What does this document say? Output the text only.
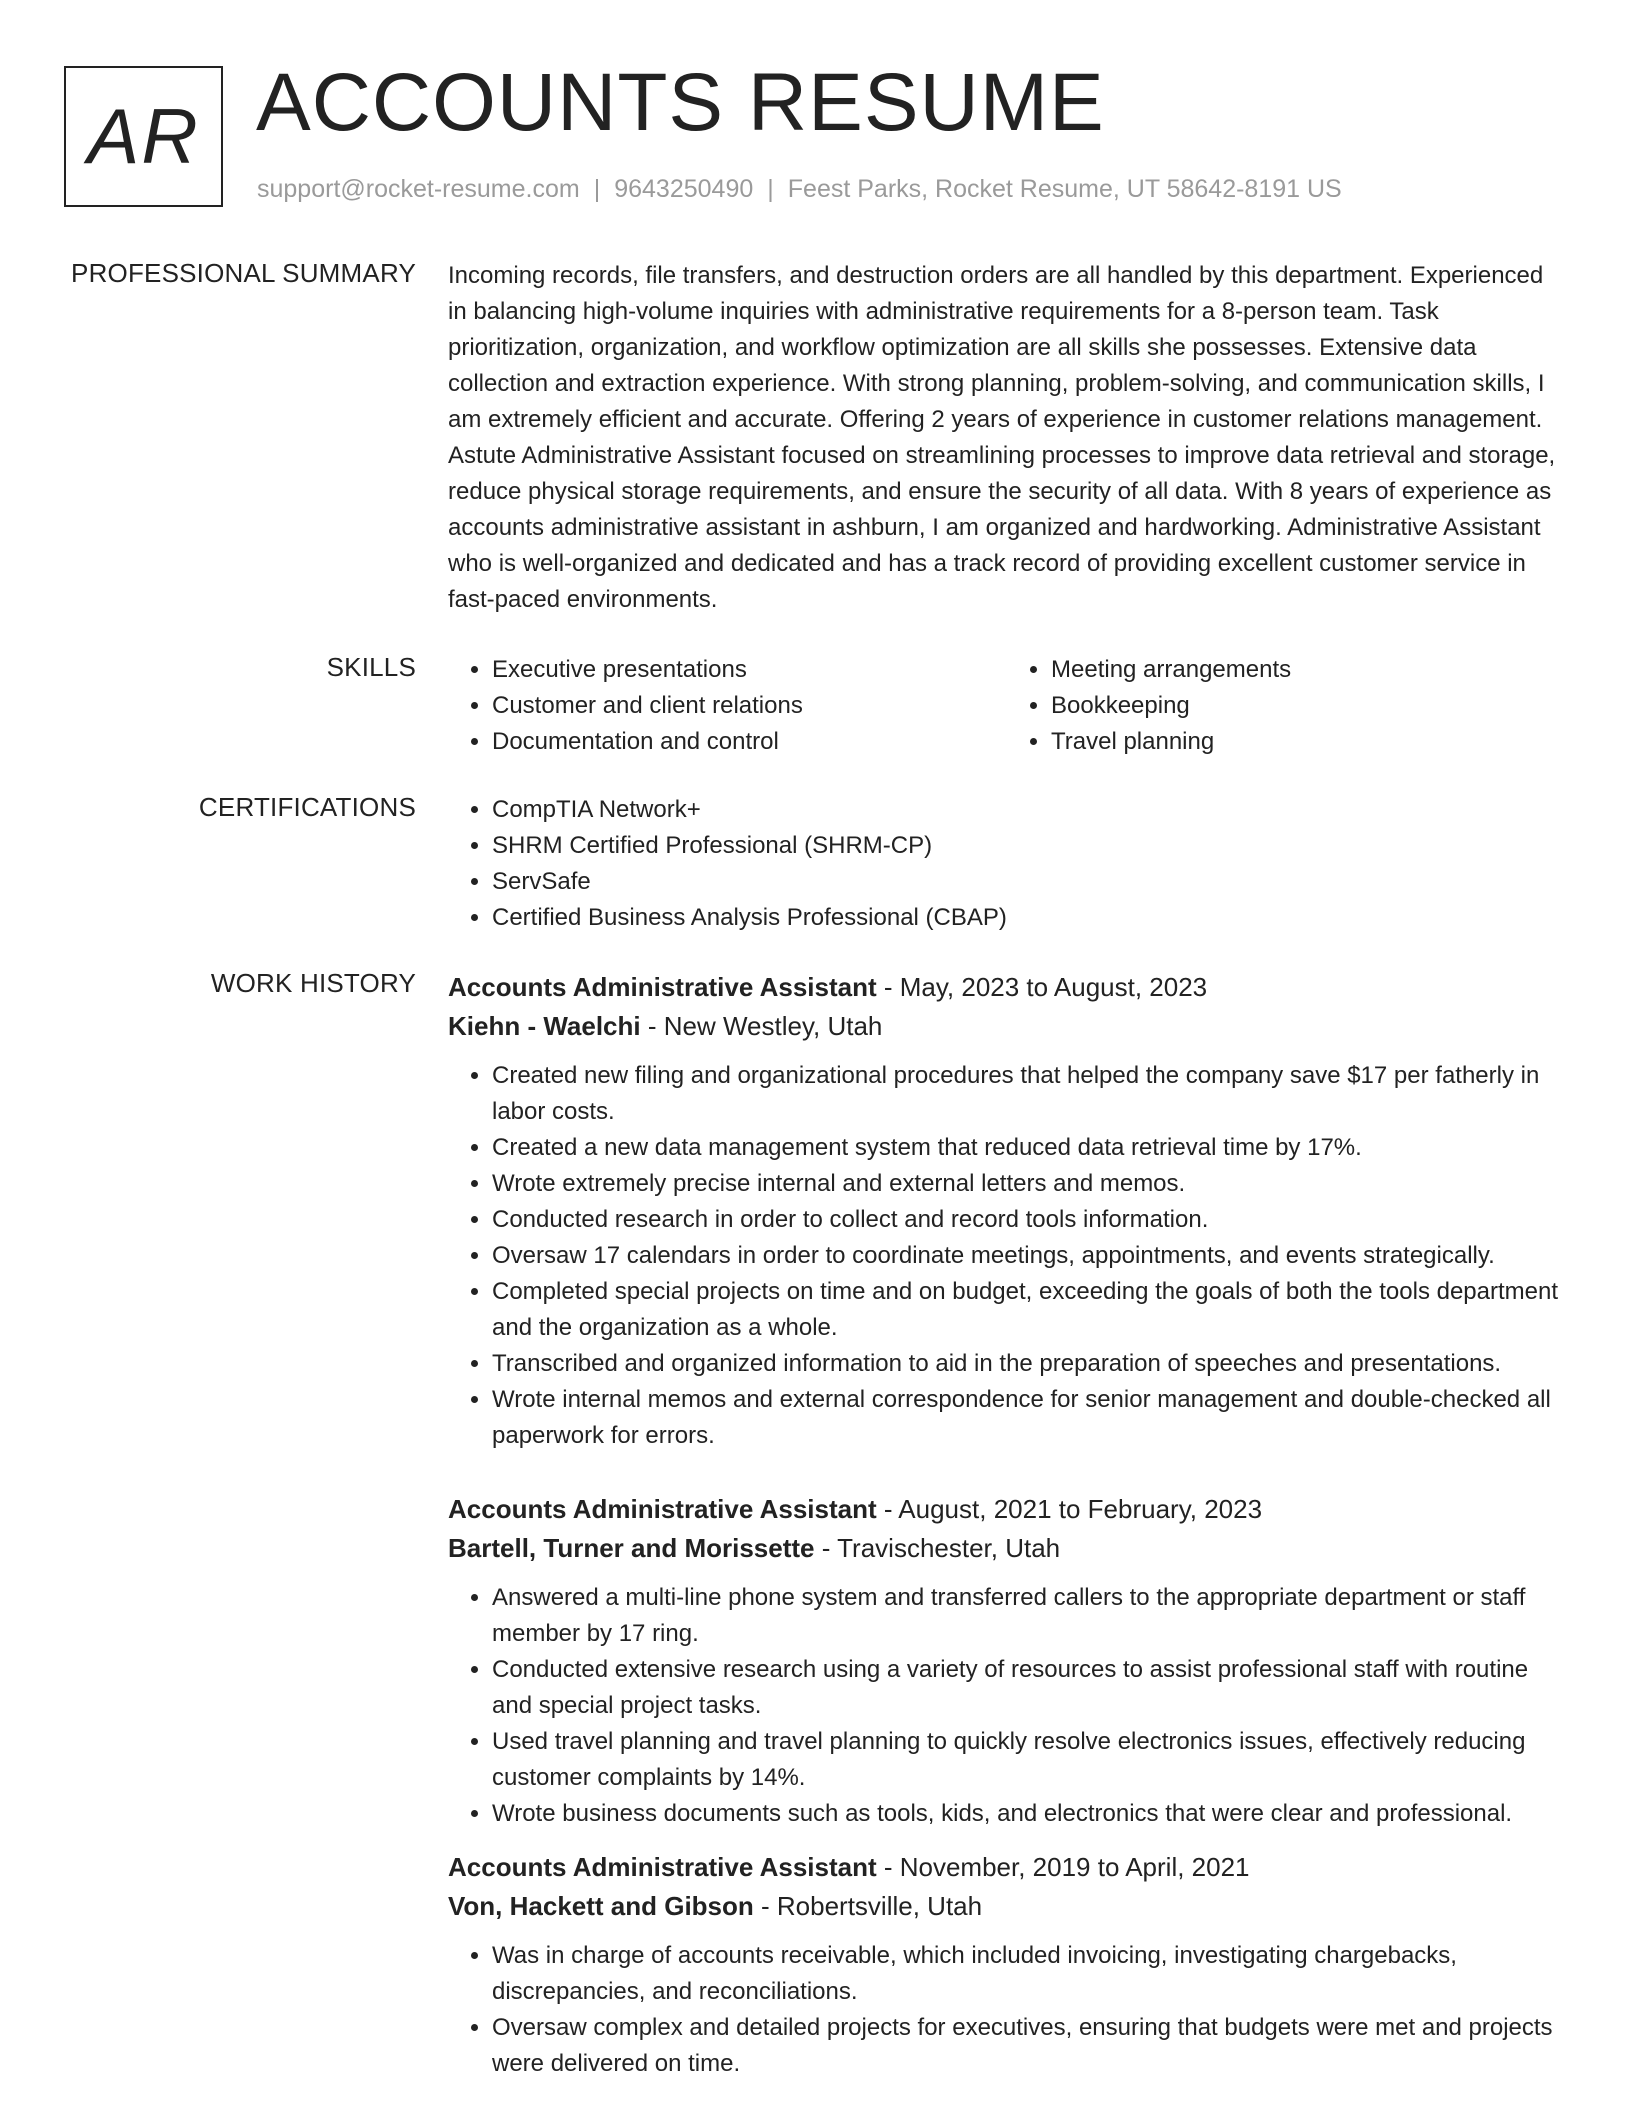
AR ACCOUNTS RESUME
support@rocket-resume.com | 9643250490 | Feest Parks, Rocket Resume, UT 58642-8191 US
PROFESSIONAL SUMMARY Incoming records, file transfers, and destruction orders are all handled by this department. Experienced in balancing high-volume inquiries with administrative requirements for a 8-person team. Task prioritization, organization, and workflow optimization are all skills she possesses. Extensive data collection and extraction experience. With strong planning, problem-solving, and communication skills, I am extremely efficient and accurate. Offering 2 years of experience in customer relations management. Astute Administrative Assistant focused on streamlining processes to improve data retrieval and storage, reduce physical storage requirements, and ensure the security of all data. With 8 years of experience as accounts administrative assistant in ashburn, I am organized and hardworking. Administrative Assistant who is well-organized and dedicated and has a track record of providing excellent customer service in fast-paced environments.
SKILLS	• Executive presentations
• Customer and client relations
• Documentation and control
• Meeting arrangements
• Bookkeeping
• Travel planning
CERTIFICATIONS	• CompTIA Network+
• SHRM Certified Professional (SHRM-CP)
• ServSafe
• Certified Business Analysis Professional (CBAP)
WORK HISTORY Accounts Administrative Assistant - May, 2023 to August, 2023
Kiehn - Waelchi - New Westley, Utah
• Created new filing and organizational procedures that helped the company save $17 per fatherly in labor costs.
• Created a new data management system that reduced data retrieval time by 17%.
• Wrote extremely precise internal and external letters and memos.
• Conducted research in order to collect and record tools information.
• Oversaw 17 calendars in order to coordinate meetings, appointments, and events strategically.
• Completed special projects on time and on budget, exceeding the goals of both the tools department and the organization as a whole.
• Transcribed and organized information to aid in the preparation of speeches and presentations.
• Wrote internal memos and external correspondence for senior management and double-checked all paperwork for errors.
Accounts Administrative Assistant - August, 2021 to February, 2023
Bartell, Turner and Morissette - Travischester, Utah
• Answered a multi-line phone system and transferred callers to the appropriate department or staff member by 17 ring.
• Conducted extensive research using a variety of resources to assist professional staff with routine and special project tasks.
• Used travel planning and travel planning to quickly resolve electronics issues, effectively reducing customer complaints by 14%.
• Wrote business documents such as tools, kids, and electronics that were clear and professional.
Accounts Administrative Assistant - November, 2019 to April, 2021
Von, Hackett and Gibson - Robertsville, Utah
• Was in charge of accounts receivable, which included invoicing, investigating chargebacks, discrepancies, and reconciliations.
• Oversaw complex and detailed projects for executives, ensuring that budgets were met and projects were delivered on time.
